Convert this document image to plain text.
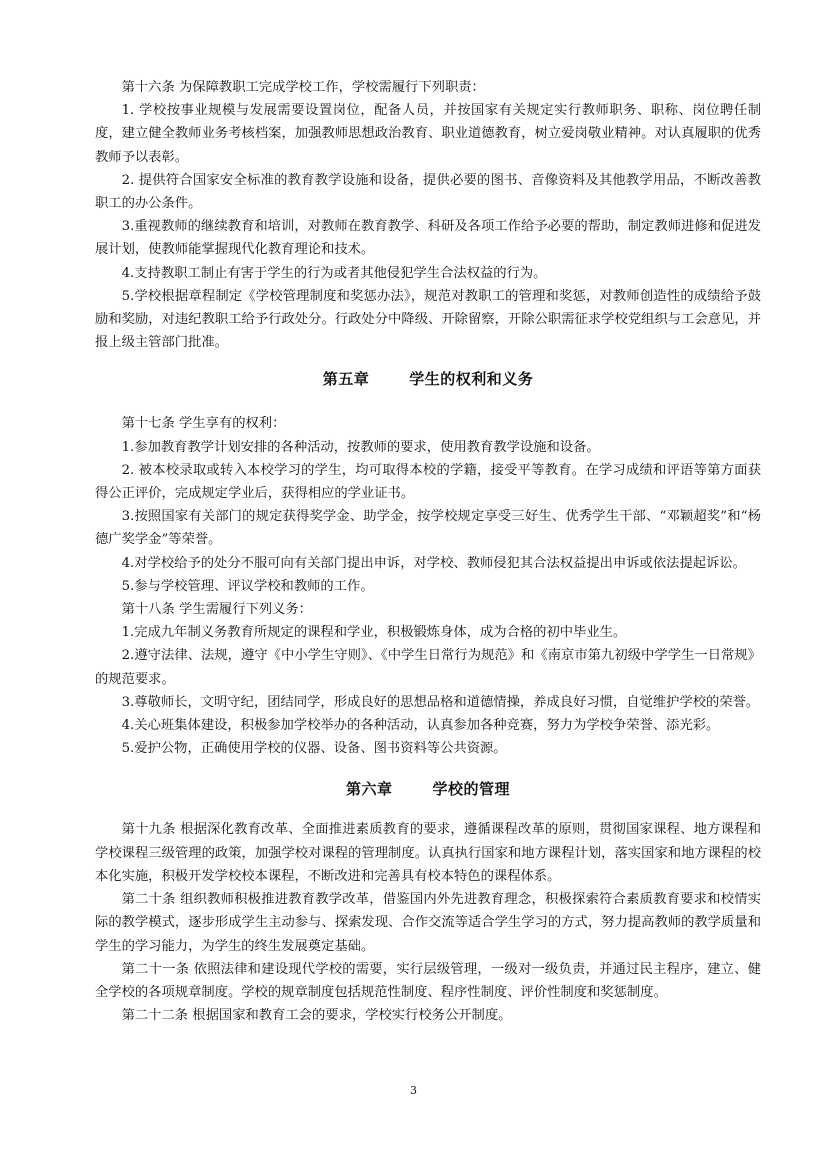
第十六条 为保障教职工完成学校工作，学校需履行下列职责：

1. 学校按事业规模与发展需要设置岗位，配备人员，并按国家有关规定实行教师职务、职称、岗位聘任制度，建立健全教师业务考核档案，加强教师思想政治教育、职业道德教育，树立爱岗敬业精神。对认真履职的优秀教师予以表彰。

2. 提供符合国家安全标准的教育教学设施和设备，提供必要的图书、音像资料及其他教学用品，不断改善教职工的办公条件。

3.重视教师的继续教育和培训，对教师在教育教学、科研及各项工作给予必要的帮助，制定教师进修和促进发展计划，使教师能掌握现代化教育理论和技术。

4.支持教职工制止有害于学生的行为或者其他侵犯学生合法权益的行为。

5.学校根据章程制定《学校管理制度和奖惩办法》，规范对教职工的管理和奖惩，对教师创造性的成绩给予鼓励和奖励，对违纪教职工给予行政处分。行政处分中降级、开除留察，开除公职需征求学校党组织与工会意见，并报上级主管部门批准。

第五章	学生的权利和义务

第十七条 学生享有的权利：

1.参加教育教学计划安排的各种活动，按教师的要求，使用教育教学设施和设备。

2. 被本校录取或转入本校学习的学生，均可取得本校的学籍，接受平等教育。在学习成绩和评语等第方面获得公正评价，完成规定学业后，获得相应的学业证书。

3.按照国家有关部门的规定获得奖学金、助学金，按学校规定享受三好生、优秀学生干部、“邓颖超奖”和“杨德广奖学金”等荣誉。

4.对学校给予的处分不服可向有关部门提出申诉，对学校、教师侵犯其合法权益提出申诉或依法提起诉讼。

5.参与学校管理、评议学校和教师的工作。

第十八条 学生需履行下列义务：

1.完成九年制义务教育所规定的课程和学业，积极锻炼身体，成为合格的初中毕业生。

2.遵守法律、法规，遵守《中小学生守则》、《中学生日常行为规范》和《南京市第九初级中学学生一日常规》的规范要求。

3.尊敬师长，文明守纪，团结同学，形成良好的思想品格和道德情操，养成良好习惯，自觉维护学校的荣誉。

4.关心班集体建设，积极参加学校举办的各种活动，认真参加各种竞赛，努力为学校争荣誉、添光彩。

5.爱护公物，正确使用学校的仪器、设备、图书资料等公共资源。

第六章	学校的管理

第十九条 根据深化教育改革、全面推进素质教育的要求，遵循课程改革的原则，贯彻国家课程、地方课程和学校课程三级管理的政策，加强学校对课程的管理制度。认真执行国家和地方课程计划，落实国家和地方课程的校本化实施，积极开发学校校本课程，不断改进和完善具有校本特色的课程体系。

第二十条 组织教师积极推进教育教学改革，借鉴国内外先进教育理念，积极探索符合素质教育要求和校情实际的教学模式，逐步形成学生主动参与、探索发现、合作交流等适合学生学习的方式，努力提高教师的教学质量和学生的学习能力，为学生的终生发展奠定基础。

第二十一条 依照法律和建设现代学校的需要，实行层级管理，一级对一级负责，并通过民主程序，建立、健全学校的各项规章制度。学校的规章制度包括规范性制度、程序性制度、评价性制度和奖惩制度。

第二十二条 根据国家和教育工会的要求，学校实行校务公开制度。

3
